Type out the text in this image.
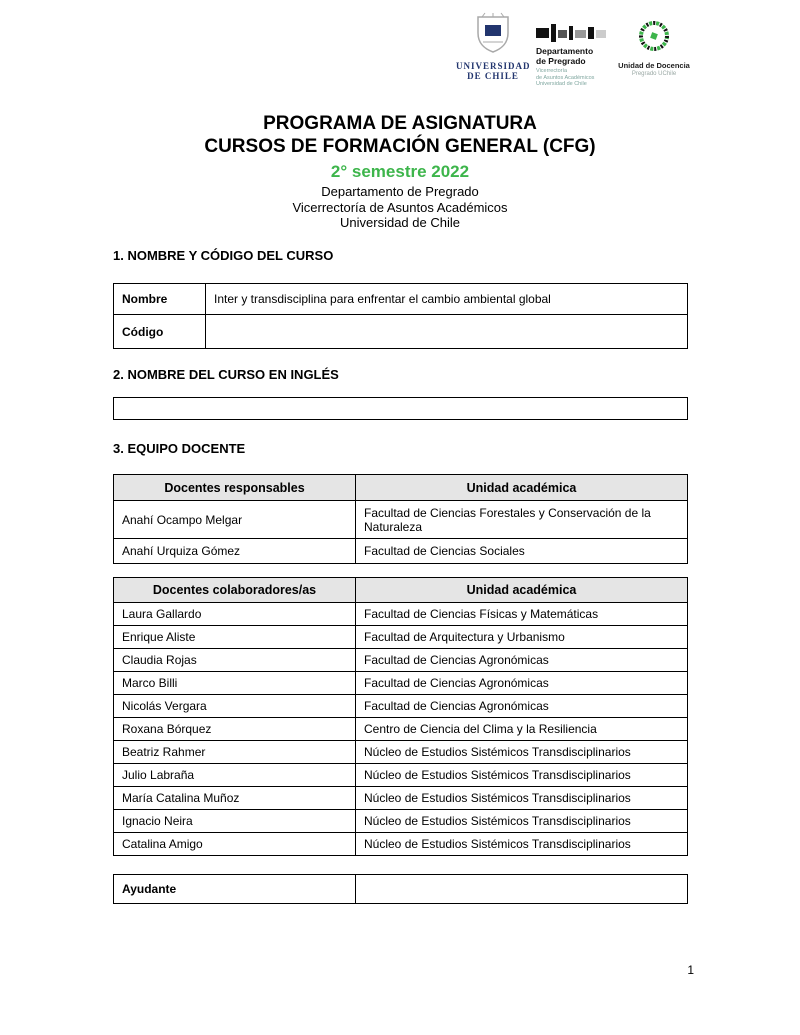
UNIVERSIDAD
DE CHILE
Departamento
de Pregrado
Vicerrectoría
de Asuntos Académicos
Universidad de Chile
Unidad de Docencia
Pregrado UChile
PROGRAMA DE ASIGNATURA
CURSOS DE FORMACIÓN GENERAL (CFG)
2° semestre 2022
Departamento de Pregrado
Vicerrectoría de Asuntos Académicos
Universidad de Chile
1. NOMBRE Y CÓDIGO DEL CURSO
Nombre	Inter y transdisciplina para enfrentar el cambio ambiental global
Código	
2. NOMBRE DEL CURSO EN INGLÉS
3. EQUIPO DOCENTE
Docentes responsables	Unidad académica
Anahí Ocampo Melgar	Facultad de Ciencias Forestales y Conservación de la Naturaleza
Anahí Urquiza Gómez	Facultad de Ciencias Sociales
Docentes colaboradores/as	Unidad académica
Laura Gallardo	Facultad de Ciencias Físicas y Matemáticas
Enrique Aliste	Facultad de Arquitectura y Urbanismo
Claudia Rojas	Facultad de Ciencias Agronómicas
Marco Billi	Facultad de Ciencias Agronómicas
Nicolás Vergara	Facultad de Ciencias Agronómicas
Roxana Bórquez	Centro de Ciencia del Clima y la Resiliencia
Beatriz Rahmer	Núcleo de Estudios Sistémicos Transdisciplinarios
Julio Labraña	Núcleo de Estudios Sistémicos Transdisciplinarios
María Catalina Muñoz	Núcleo de Estudios Sistémicos Transdisciplinarios
Ignacio Neira	Núcleo de Estudios Sistémicos Transdisciplinarios
Catalina Amigo	Núcleo de Estudios Sistémicos Transdisciplinarios
Ayudante	
1
